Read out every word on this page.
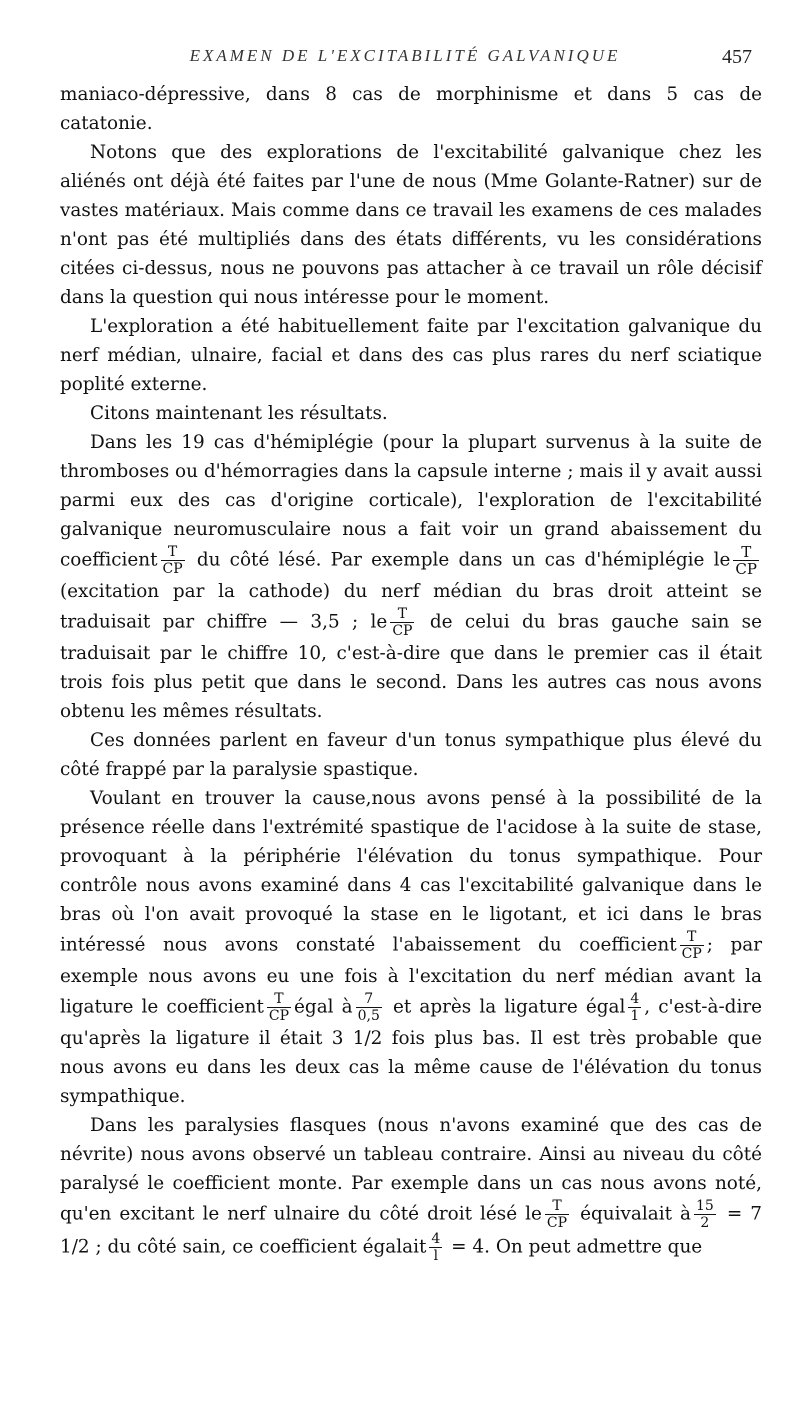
EXAMEN DE L'EXCITABILITÉ GALVANIQUE	457

maniaco-dépressive, dans 8 cas de morphinisme et dans 5 cas de catatonie.

Notons que des explorations de l'excitabilité galvanique chez les aliénés ont déjà été faites par l'une de nous (Mme Golante-Ratner) sur de vastes matériaux. Mais comme dans ce travail les examens de ces malades n'ont pas été multipliés dans des états différents, vu les considérations citées ci-dessus, nous ne pouvons pas attacher à ce travail un rôle décisif dans la question qui nous intéresse pour le moment.

L'exploration a été habituellement faite par l'excitation galvanique du nerf médian, ulnaire, facial et dans des cas plus rares du nerf sciatique poplité externe.

Citons maintenant les résultats.

Dans les 19 cas d'hémiplégie (pour la plupart survenus à la suite de thromboses ou d'hémorragies dans la capsule interne ; mais il y avait aussi parmi eux des cas d'origine corticale), l'exploration de l'excitabilité galvanique neuromusculaire nous a fait voir un grand abaissement du coefficient $\frac{T}{CP}$ du côté lésé. Par exemple dans un cas d'hémiplégie le $\frac{T}{CP}$
(excitation par la cathode) du nerf médian du bras droit atteint se traduisait par chiffre — 3,5 ; le $\frac{T}{CP}$ de celui du bras gauche sain se traduisait par le chiffre 10, c'est-à-dire que dans le premier cas il était trois fois plus petit que dans le second. Dans les autres cas nous avons obtenu les mêmes résultats.

Ces données parlent en faveur d'un tonus sympathique plus élevé du côté frappé par la paralysie spastique.

Voulant en trouver la cause,nous avons pensé à la possibilité de la présence réelle dans l'extrémité spastique de l'acidose à la suite de stase, provoquant à la périphérie l'élévation du tonus sympathique. Pour contrôle nous avons examiné dans 4 cas l'excitabilité galvanique dans le bras où l'on avait provoqué la stase en le ligotant, et ici dans le bras intéressé nous avons constaté l'abaissement du coefficient $\frac{T}{CP}$ ; par exemple nous avons eu une fois à l'excitation du nerf médian avant la ligature le coefficient $\frac{T}{CP}$ égal à $\frac{7}{0,5}$ et après la ligature égal $\frac{4}{1}$ , c'est-à-dire qu'après la ligature il était 3 1/2 fois plus bas. Il est très probable que nous avons eu dans les deux cas la même cause de l'élévation du tonus sympathique.

Dans les paralysies flasques (nous n'avons examiné que des cas de névrite) nous avons observé un tableau contraire. Ainsi au niveau du côté paralysé le coefficient monte. Par exemple dans un cas nous avons noté, qu'en excitant le nerf ulnaire du côté droit lésé le $\frac{T}{CP}$ équivalait à $\frac{15}{2} = 7$ 1/2 ; du côté sain, ce coefficient égalait $\frac{4}{l} = 4$. On peut admettre que
